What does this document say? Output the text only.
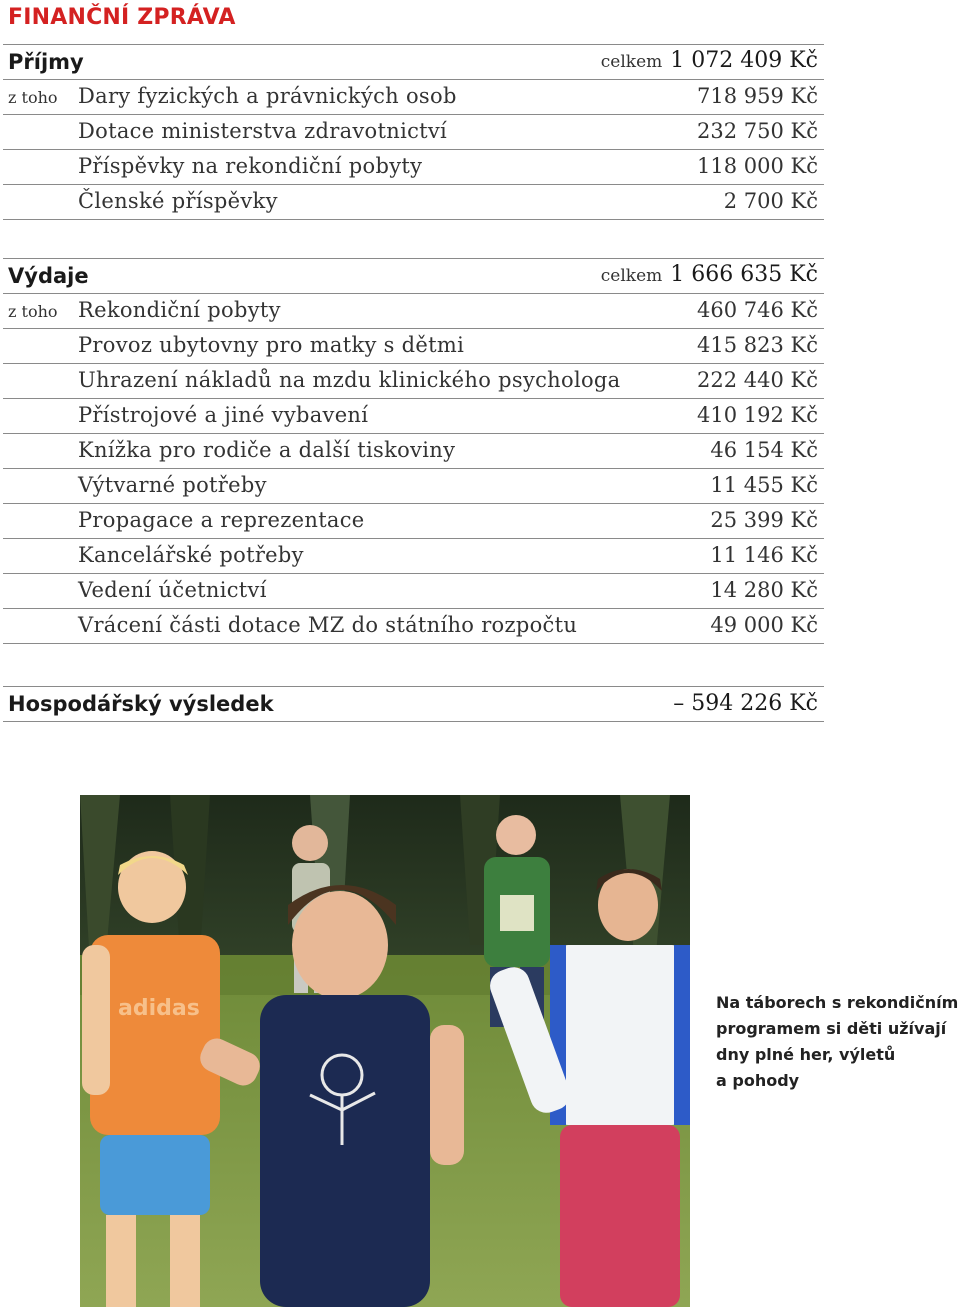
FINANČNÍ ZPRÁVA
Příjmy	celkem 1 072 409 Kč
z toho Dary fyzických a právnických osob	718 959 Kč
Dotace ministerstva zdravotnictví	232 750 Kč
Příspěvky na rekondiční pobyty	118 000 Kč
Členské příspěvky	2 700 Kč
Výdaje	celkem 1 666 635 Kč
z toho Rekondiční pobyty	460 746 Kč
Provoz ubytovny pro matky s dětmi	415 823 Kč
Uhrazení nákladů na mzdu klinického psychologa	222 440 Kč
Přístrojové a jiné vybavení	410 192 Kč
Knížka pro rodiče a další tiskoviny	46 154 Kč
Výtvarné potřeby	11 455 Kč
Propagace a reprezentace	25 399 Kč
Kancelářské potřeby	11 146 Kč
Vedení účetnictví	14 280 Kč
Vrácení části dotace MZ do státního rozpočtu	49 000 Kč
Hospodářský výsledek	– 594 226 Kč
adidas	Na táborech s rekondičním
programem si děti užívají
dny plné her, výletů
a pohody
